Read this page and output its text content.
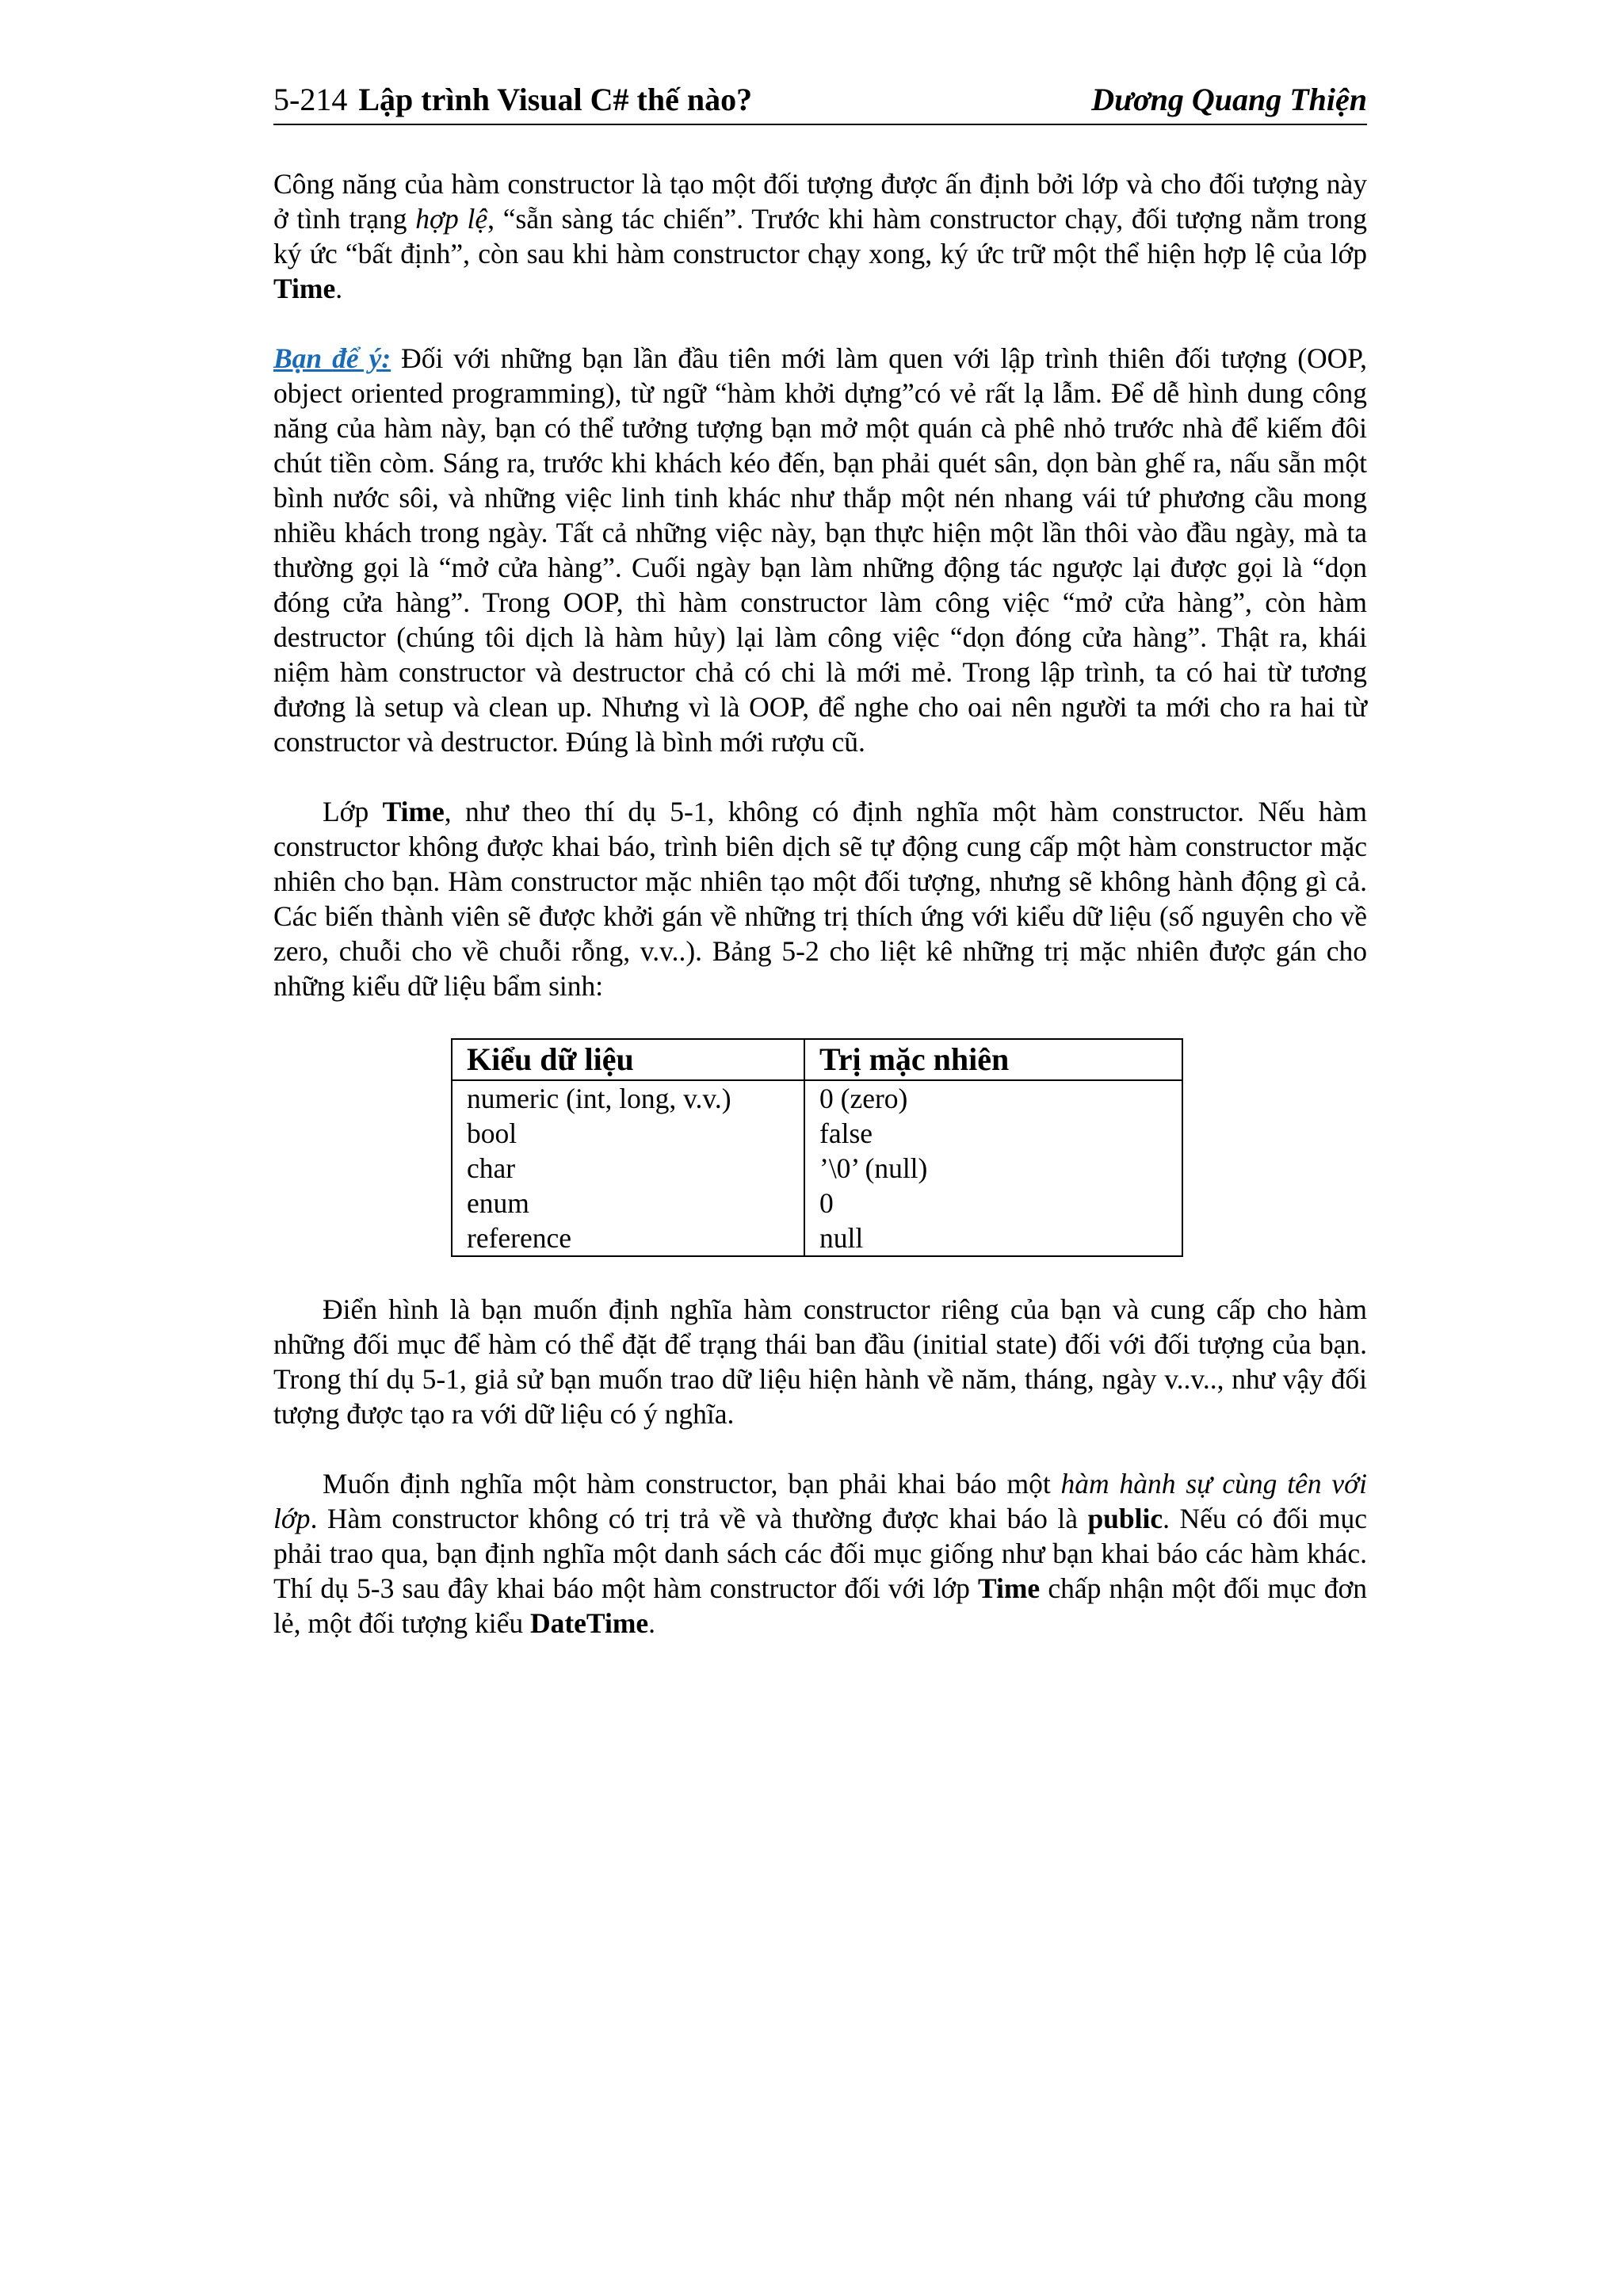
5-214 Lập trình Visual C# thế nào?	Dương Quang Thiện

Công năng của hàm constructor là tạo một đối tượng được ấn định bởi lớp và cho đối tượng này ở tình trạng hợp lệ, “sẵn sàng tác chiến”. Trước khi hàm constructor chạy, đối tượng nằm trong ký ức “bất định”, còn sau khi hàm constructor chạy xong, ký ức trữ một thể hiện hợp lệ của lớp Time.

Bạn để ý: Đối với những bạn lần đầu tiên mới làm quen với lập trình thiên đối tượng (OOP, object oriented programming), từ ngữ “hàm khởi dựng”có vẻ rất lạ lẫm. Để dễ hình dung công năng của hàm này, bạn có thể tưởng tượng bạn mở một quán cà phê nhỏ trước nhà để kiếm đôi chút tiền còm. Sáng ra, trước khi khách kéo đến, bạn phải quét sân, dọn bàn ghế ra, nấu sẵn một bình nước sôi, và những việc linh tinh khác như thắp một nén nhang vái tứ phương cầu mong nhiều khách trong ngày. Tất cả những việc này, bạn thực hiện một lần thôi vào đầu ngày, mà ta thường gọi là “mở cửa hàng”. Cuối ngày bạn làm những động tác ngược lại được gọi là “dọn đóng cửa hàng”. Trong OOP, thì hàm constructor làm công việc “mở cửa hàng”, còn hàm destructor (chúng tôi dịch là hàm hủy) lại làm công việc “dọn đóng cửa hàng”. Thật ra, khái niệm hàm constructor và destructor chả có chi là mới mẻ. Trong lập trình, ta có hai từ tương đương là setup và clean up. Nhưng vì là OOP, để nghe cho oai nên người ta mới cho ra hai từ constructor và destructor. Đúng là bình mới rượu cũ.

Lớp Time, như theo thí dụ 5-1, không có định nghĩa một hàm constructor. Nếu hàm constructor không được khai báo, trình biên dịch sẽ tự động cung cấp một hàm constructor mặc nhiên cho bạn. Hàm constructor mặc nhiên tạo một đối tượng, nhưng sẽ không hành động gì cả. Các biến thành viên sẽ được khởi gán về những trị thích ứng với kiểu dữ liệu (số nguyên cho về zero, chuỗi cho về chuỗi rỗng, v.v..). Bảng 5-2 cho liệt kê những trị mặc nhiên được gán cho những kiểu dữ liệu bẩm sinh:

Kiểu dữ liệu	Trị mặc nhiên
numeric (int, long, v.v.)	0 (zero)
bool	false
char	’\0’ (null)
enum	0
reference	null

Điển hình là bạn muốn định nghĩa hàm constructor riêng của bạn và cung cấp cho hàm những đối mục để hàm có thể đặt để trạng thái ban đầu (initial state) đối với đối tượng của bạn. Trong thí dụ 5-1, giả sử bạn muốn trao dữ liệu hiện hành về năm, tháng, ngày v..v.., như vậy đối tượng được tạo ra với dữ liệu có ý nghĩa.

Muốn định nghĩa một hàm constructor, bạn phải khai báo một hàm hành sự cùng tên với lớp. Hàm constructor không có trị trả về và thường được khai báo là public. Nếu có đối mục phải trao qua, bạn định nghĩa một danh sách các đối mục giống như bạn khai báo các hàm khác. Thí dụ 5-3 sau đây khai báo một hàm constructor đối với lớp Time chấp nhận một đối mục đơn lẻ, một đối tượng kiểu DateTime.
